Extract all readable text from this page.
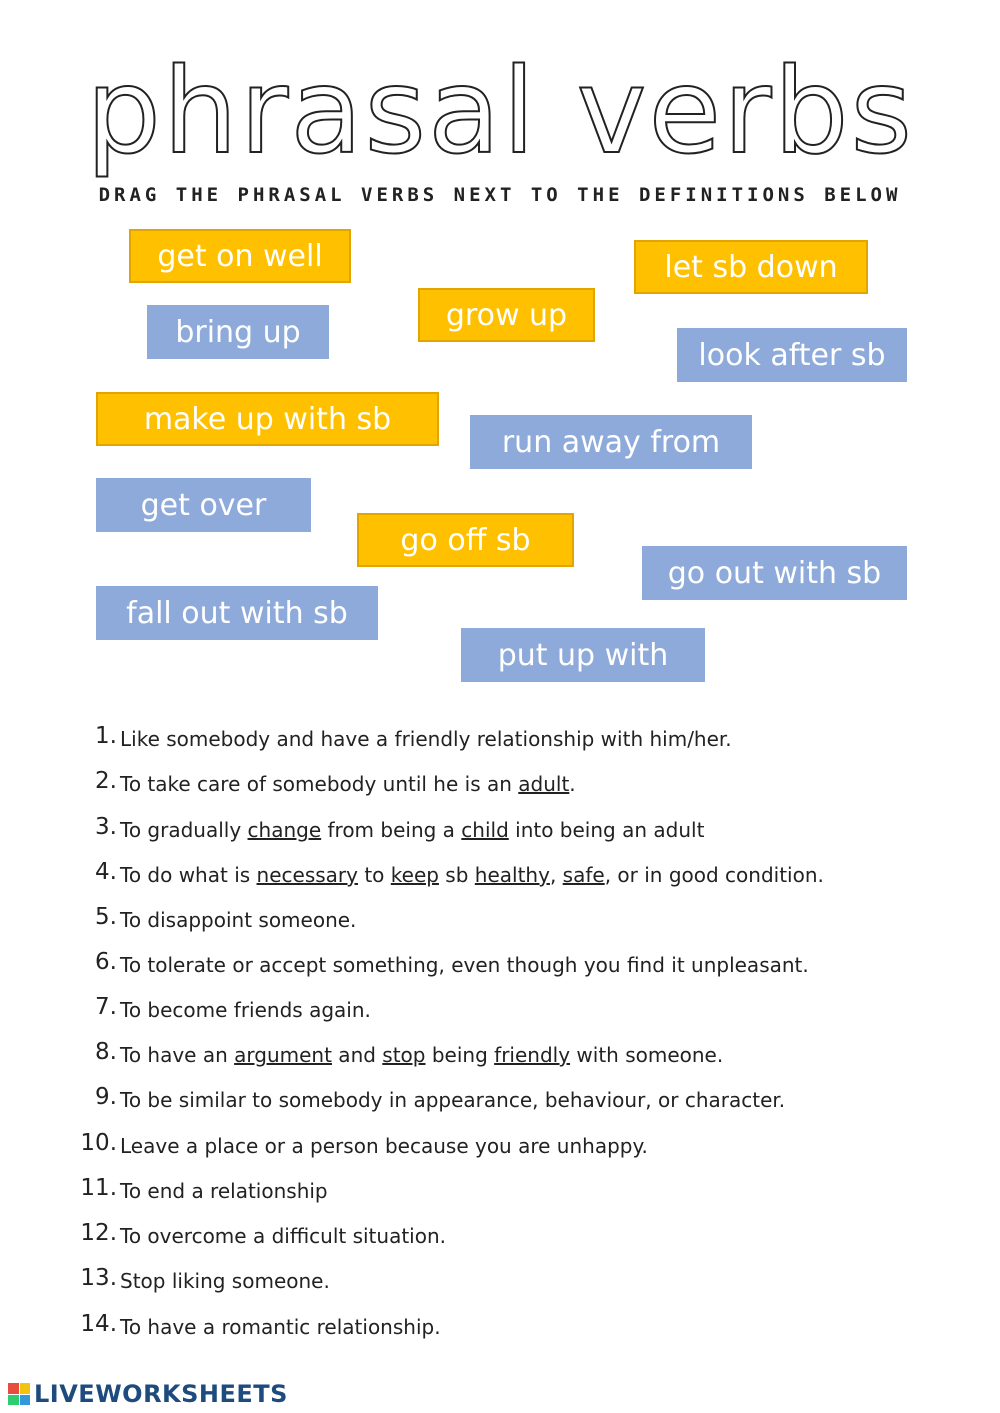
phrasal verbs
DRAG THE PHRASAL VERBS NEXT TO THE DEFINITIONS BELOW
get on well	let sb down
grow up
bring up
look after sb
make up with sb
run away from
get over
go off sb
go out with sb
fall out with sb
put up with
1. Like somebody and have a friendly relationship with him/her.
2. To take care of somebody until he is an adult.
3. To gradually change from being a child into being an adult
4. To do what is necessary to keep sb healthy, safe, or in good condition.
5. To disappoint someone.
6. To tolerate or accept something, even though you find it unpleasant.
7. To become friends again.
8. To have an argument and stop being friendly with someone.
9. To be similar to somebody in appearance, behaviour, or character.
10. Leave a place or a person because you are unhappy.
11. To end a relationship
12. To overcome a difficult situation.
13. Stop liking someone.
14. To have a romantic relationship.
LIVEWORKSHEETS
